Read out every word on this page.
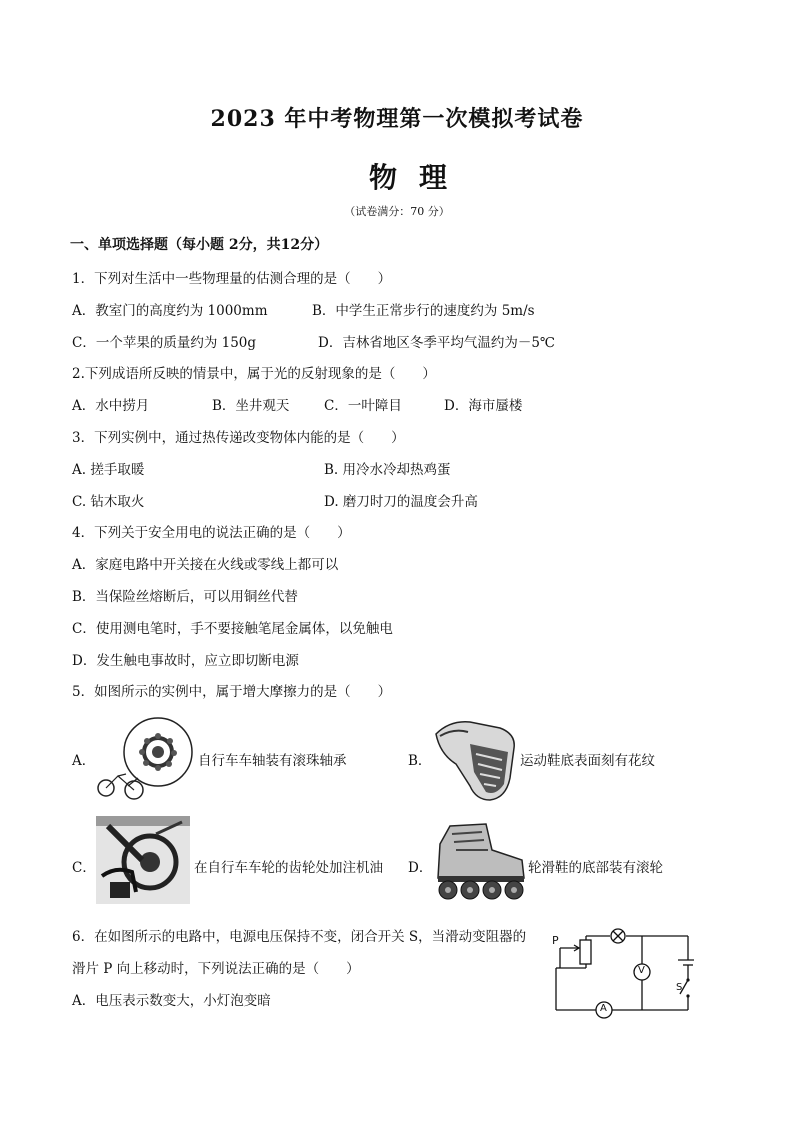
2023 年中考物理第一次模拟考试卷
物理
（试卷满分：70 分）
一、单项选择题（每小题 2分，共12分）
1．下列对生活中一些物理量的估测合理的是（　　）
A．教室门的高度约为 1000mm	B．中学生正常步行的速度约为 5m/s
C．一个苹果的质量约为 150g	D．吉林省地区冬季平均气温约为－5℃
2.下列成语所反映的情景中，属于光的反射现象的是（　　）
A．水中捞月	B．坐井观天	C．一叶障目	D．海市蜃楼
3．下列实例中，通过热传递改变物体内能的是（　　）
A. 搓手取暖	B. 用冷水冷却热鸡蛋
C. 钻木取火	D. 磨刀时刀的温度会升高
4．下列关于安全用电的说法正确的是（　　）
A．家庭电路中开关接在火线或零线上都可以
B．当保险丝熔断后，可以用铜丝代替
C．使用测电笔时，手不要接触笔尾金属体，以免触电
D．发生触电事故时，应立即切断电源
5．如图所示的实例中，属于增大摩擦力的是（　　）
A．	自行车车轴装有滚珠轴承	B．	运动鞋底表面刻有花纹
C．	在自行车车轮的齿轮处加注机油 D．	轮滑鞋的底部装有滚轮
6．在如图所示的电路中，电源电压保持不变，闭合开关 S，当滑动变阻器的
滑片 P 向上移动时，下列说法正确的是（　　）
A．电压表示数变大，小灯泡变暗
P
V
A
S
